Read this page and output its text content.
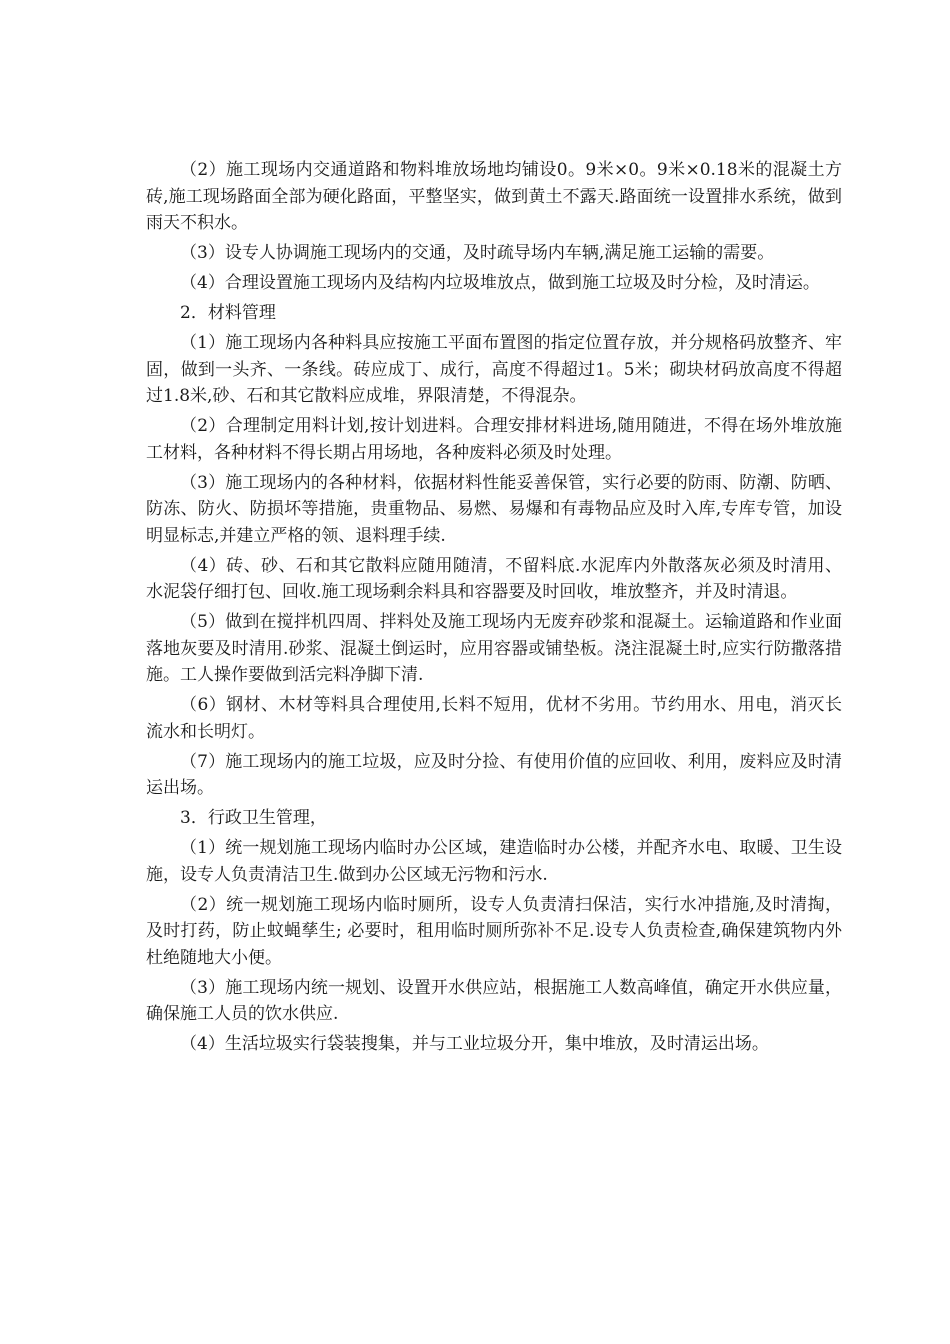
（2）施工现场内交通道路和物料堆放场地均铺设0。9米×0。9米×0.18米的混凝土方砖,施工现场路面全部为硬化路面，平整坚实，做到黄土不露天.路面统一设置排水系统，做到雨天不积水。

（3）设专人协调施工现场内的交通，及时疏导场内车辆,满足施工运输的需要。

（4）合理设置施工现场内及结构内垃圾堆放点，做到施工垃圾及时分检，及时清运。

2．材料管理

（1）施工现场内各种料具应按施工平面布置图的指定位置存放，并分规格码放整齐、牢固，做到一头齐、一条线。砖应成丁、成行，高度不得超过1。5米；砌块材码放高度不得超过1.8米,砂、石和其它散料应成堆，界限清楚，不得混杂。

（2）合理制定用料计划,按计划进料。合理安排材料进场,随用随进，不得在场外堆放施工材料，各种材料不得长期占用场地，各种废料必须及时处理。

（3）施工现场内的各种材料，依据材料性能妥善保管，实行必要的防雨、防潮、防晒、防冻、防火、防损坏等措施，贵重物品、易燃、易爆和有毒物品应及时入库,专库专管，加设明显标志,并建立严格的领、退料理手续.

（4）砖、砂、石和其它散料应随用随清，不留料底.水泥库内外散落灰必须及时清用、水泥袋仔细打包、回收.施工现场剩余料具和容器要及时回收，堆放整齐，并及时清退。

（5）做到在搅拌机四周、拌料处及施工现场内无废弃砂浆和混凝土。运输道路和作业面落地灰要及时清用.砂浆、混凝土倒运时，应用容器或铺垫板。浇注混凝土时,应实行防撒落措施。工人操作要做到活完料净脚下清.

（6）钢材、木材等料具合理使用,长料不短用，优材不劣用。节约用水、用电，消灭长流水和长明灯。

（7）施工现场内的施工垃圾，应及时分捡、有使用价值的应回收、利用，废料应及时清运出场。

3．行政卫生管理，

（1）统一规划施工现场内临时办公区域，建造临时办公楼，并配齐水电、取暖、卫生设施，设专人负责清洁卫生.做到办公区域无污物和污水.

（2）统一规划施工现场内临时厕所，设专人负责清扫保洁，实行水冲措施,及时清掏，及时打药，防止蚊蝇孳生; 必要时，租用临时厕所弥补不足.设专人负责检查,确保建筑物内外杜绝随地大小便。

（3）施工现场内统一规划、设置开水供应站，根据施工人数高峰值，确定开水供应量，确保施工人员的饮水供应.

（4）生活垃圾实行袋装搜集，并与工业垃圾分开，集中堆放，及时清运出场。
